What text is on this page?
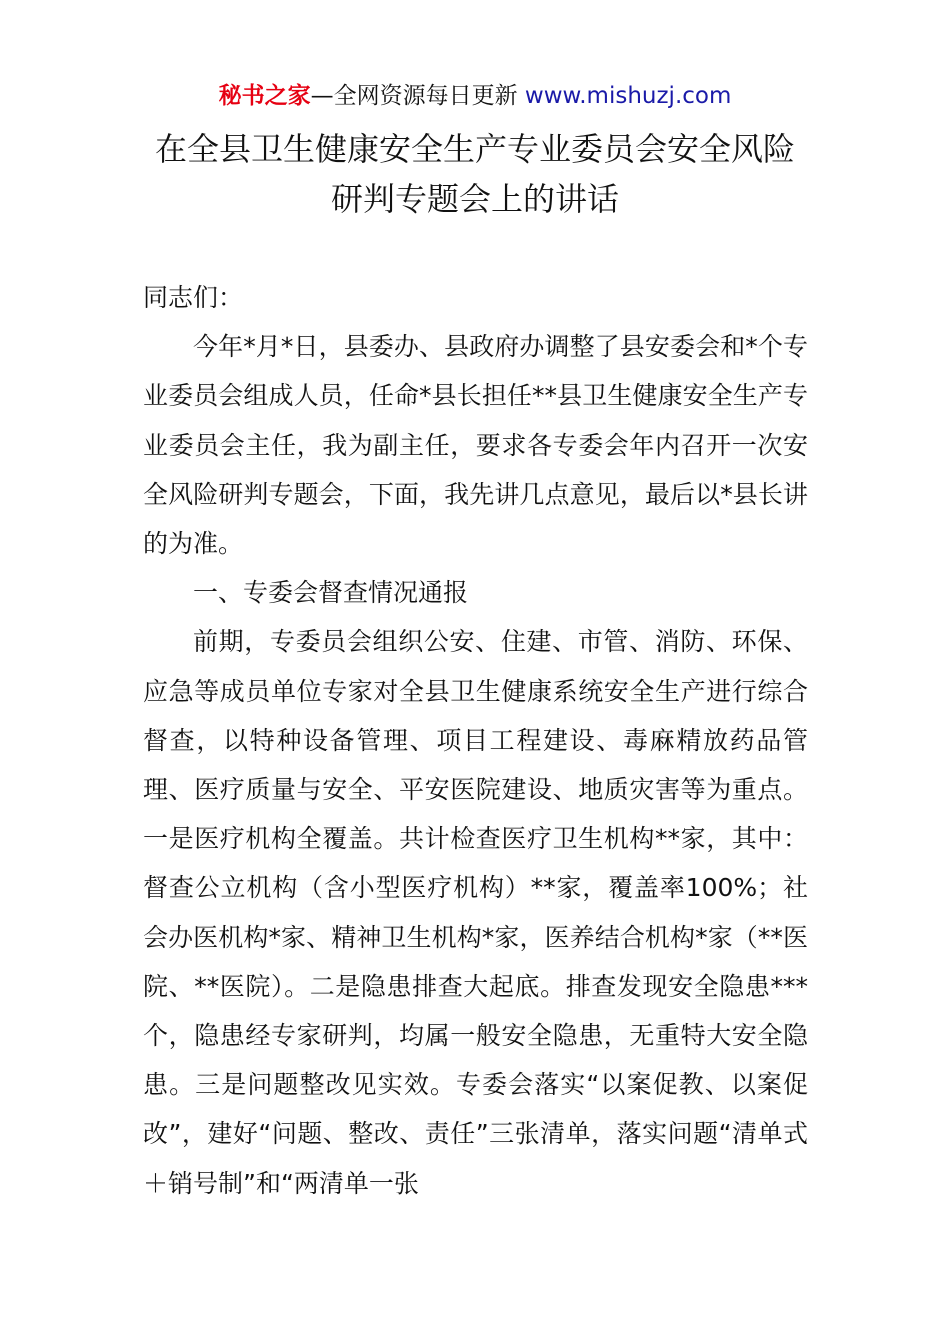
秘书之家—全网资源每日更新 www.mishuzj.com
在全县卫生健康安全生产专业委员会安全风险
研判专题会上的讲话

同志们：

今年*月*日，县委办、县政府办调整了县安委会和*个专业委员会组成人员，任命*县长担任**县卫生健康安全生产专业委员会主任，我为副主任，要求各专委会年内召开一次安全风险研判专题会，下面，我先讲几点意见，最后以*县长讲的为准。

一、专委会督查情况通报

前期，专委员会组织公安、住建、市管、消防、环保、应急等成员单位专家对全县卫生健康系统安全生产进行综合督查，以特种设备管理、项目工程建设、毒麻精放药品管理、医疗质量与安全、平安医院建设、地质灾害等为重点。一是医疗机构全覆盖。共计检查医疗卫生机构**家，其中：督查公立机构（含小型医疗机构）**家，覆盖率100%；社会办医机构*家、精神卫生机构*家，医养结合机构*家（**医院、**医院）。二是隐患排查大起底。排查发现安全隐患***个，隐患经专家研判，均属一般安全隐患，无重特大安全隐患。三是问题整改见实效。专委会落实“以案促教、以案促改”，建好“问题、整改、责任”三张清单，落实问题“清单式＋销号制”和“两清单一张
